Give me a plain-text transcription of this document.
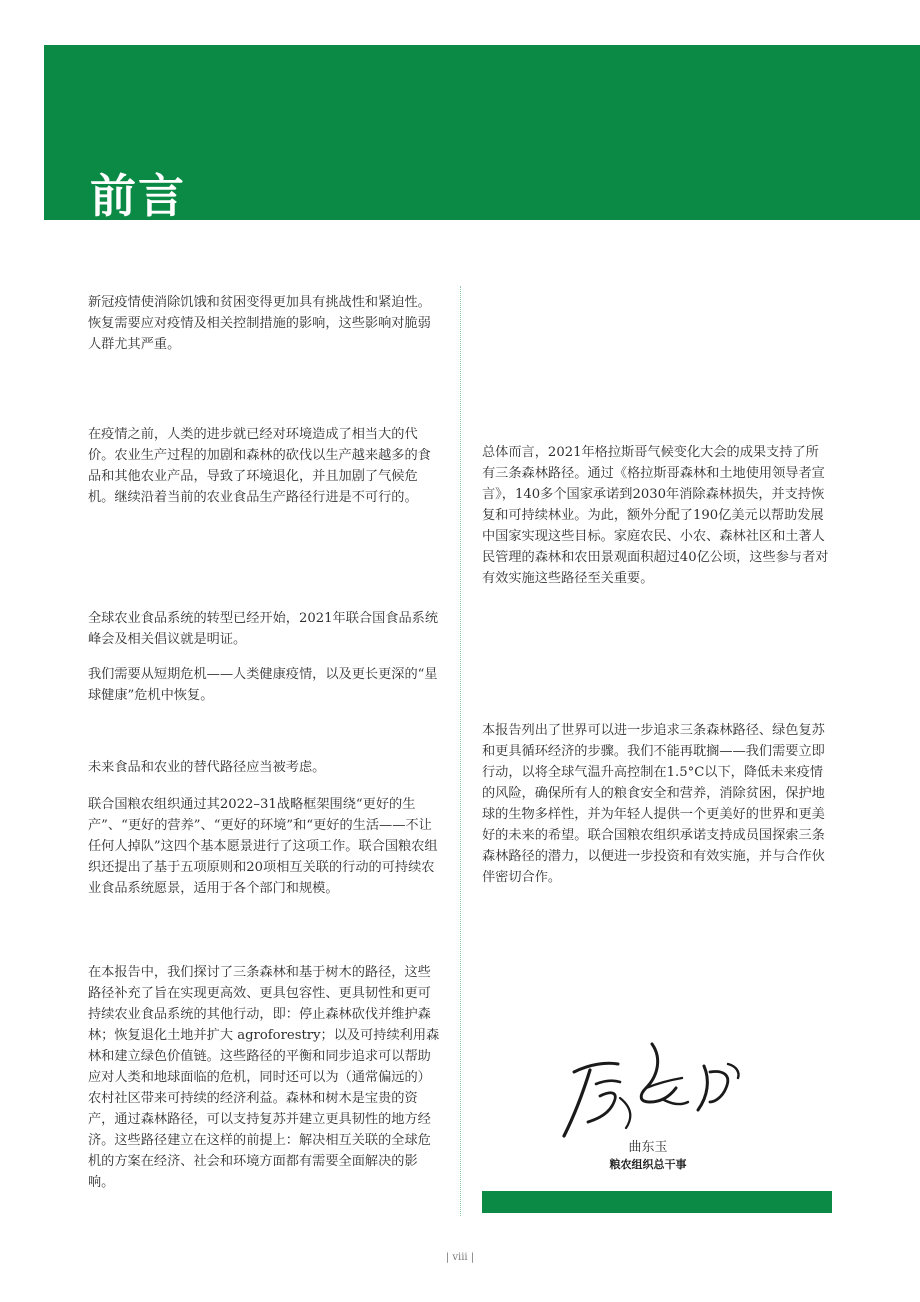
前言

新冠疫情使消除饥饿和贫困变得更加具有挑战性和紧迫性。恢复需要应对疫情及相关控制措施的影响，这些影响对脆弱人群尤其严重。

在疫情之前，人类的进步就已经对环境造成了相当大的代价。农业生产过程的加剧和森林的砍伐以生产越来越多的食品和其他农业产品，导致了环境退化，并且加剧了气候危机。继续沿着当前的农业食品生产路径行进是不可行的。

全球农业食品系统的转型已经开始，2021年联合国食品系统峰会及相关倡议就是明证。

我们需要从短期危机——人类健康疫情，以及更长更深的“星球健康”危机中恢复。

未来食品和农业的替代路径应当被考虑。

联合国粮农组织通过其2022–31战略框架围绕“更好的生产”、“更好的营养”、“更好的环境”和“更好的生活——不让任何人掉队”这四个基本愿景进行了这项工作。联合国粮农组织还提出了基于五项原则和20项相互关联的行动的可持续农业食品系统愿景，适用于各个部门和规模。

在本报告中，我们探讨了三条森林和基于树木的路径，这些路径补充了旨在实现更高效、更具包容性、更具韧性和更可持续农业食品系统的其他行动，即：停止森林砍伐并维护森林；恢复退化土地并扩大 agroforestry；以及可持续利用森林和建立绿色价值链。这些路径的平衡和同步追求可以帮助应对人类和地球面临的危机，同时还可以为（通常偏远的）农村社区带来可持续的经济利益。森林和树木是宝贵的资产，通过森林路径，可以支持复苏并建立更具韧性的地方经济。这些路径建立在这样的前提上：解决相互关联的全球危机的方案在经济、社会和环境方面都有需要全面解决的影响。

总体而言，2021年格拉斯哥气候变化大会的成果支持了所有三条森林路径。通过《格拉斯哥森林和土地使用领导者宣言》，140多个国家承诺到2030年消除森林损失，并支持恢复和可持续林业。为此，额外分配了190亿美元以帮助发展中国家实现这些目标。家庭农民、小农、森林社区和土著人民管理的森林和农田景观面积超过40亿公顷，这些参与者对有效实施这些路径至关重要。

本报告列出了世界可以进一步追求三条森林路径、绿色复苏和更具循环经济的步骤。我们不能再耽搁——我们需要立即行动，以将全球气温升高控制在1.5°C以下，降低未来疫情的风险，确保所有人的粮食安全和营养，消除贫困，保护地球的生物多样性，并为年轻人提供一个更美好的世界和更美好的未来的希望。联合国粮农组织承诺支持成员国探索三条森林路径的潜力，以便进一步投资和有效实施，并与合作伙伴密切合作。

曲东玉

粮农组织总干事

| viii |
